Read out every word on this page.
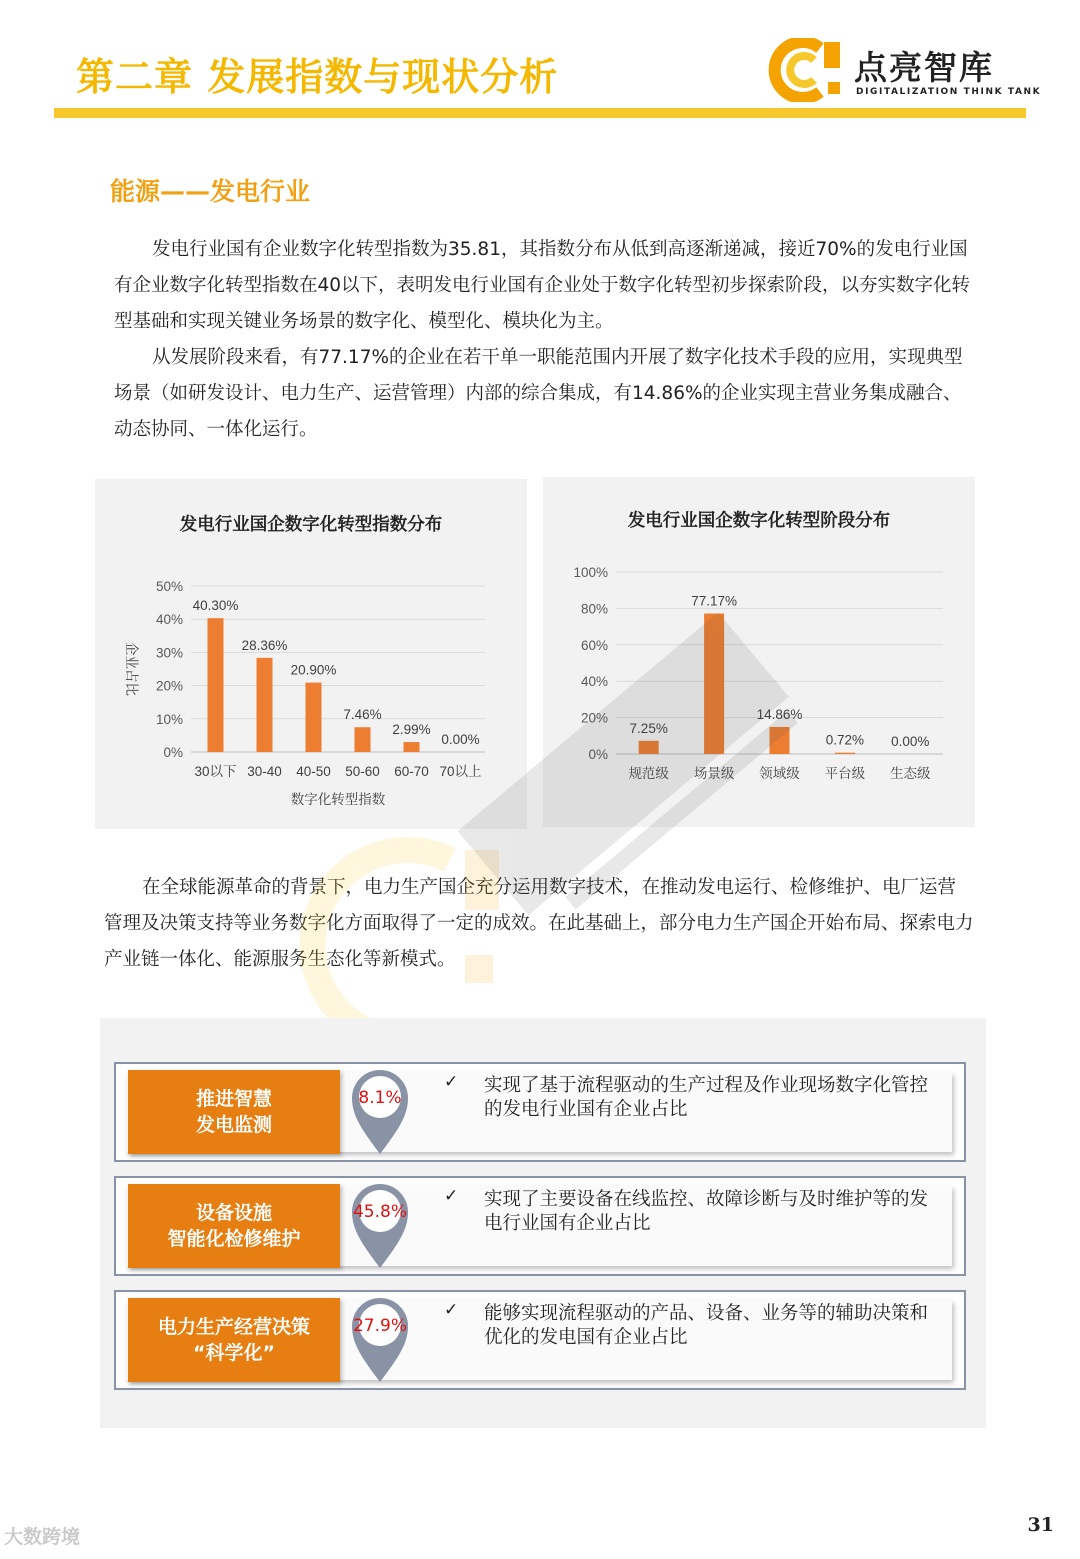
第二章 发展指数与现状分析	点亮智库
DIGITALIZATION THINK TANK
能源——发电行业
发电行业国有企业数字化转型指数为35.81，其指数分布从低到高逐渐递减，接近70%的发电行业国有企业数字化转型指数在40以下，表明发电行业国有企业处于数字化转型初步探索阶段，以夯实数字化转型基础和实现关键业务场景的数字化、模型化、模块化为主。
从发展阶段来看，有77.17%的企业在若干单一职能范围内开展了数字化技术手段的应用，实现典型场景（如研发设计、电力生产、运营管理）内部的综合集成，有14.86%的企业实现主营业务集成融合、动态协同、一体化运行。
发电行业国企数字化转型指数分布
0%
10%
20%
30%
40%
50%
40.30%
30以下
28.36%
30-40
20.90%
40-50
7.46%
50-60
2.99%
60-70
0.00%
70以上
数字化转型指数
企业占比
发电行业国企数字化转型阶段分布
0%
20%
40%
60%
80%
100%
7.25%
规范级
77.17%
场景级
14.86%
领域级
0.72%
平台级
0.00%
生态级
在全球能源革命的背景下，电力生产国企充分运用数字技术，在推动发电运行、检修维护、电厂运营管理及决策支持等业务数字化方面取得了一定的成效。在此基础上，部分电力生产国企开始布局、探索电力产业链一体化、能源服务生态化等新模式。
推进智慧
发电监测
8.1%
✓ 实现了基于流程驱动的生产过程及作业现场数字化管控的发电行业国有企业占比
设备设施
智能化检修维护
45.8%
✓ 实现了主要设备在线监控、故障诊断与及时维护等的发电行业国有企业占比
电力生产经营决策
“科学化”
27.9%
✓ 能够实现流程驱动的产品、设备、业务等的辅助决策和优化的发电国有企业占比
31
大数跨境
